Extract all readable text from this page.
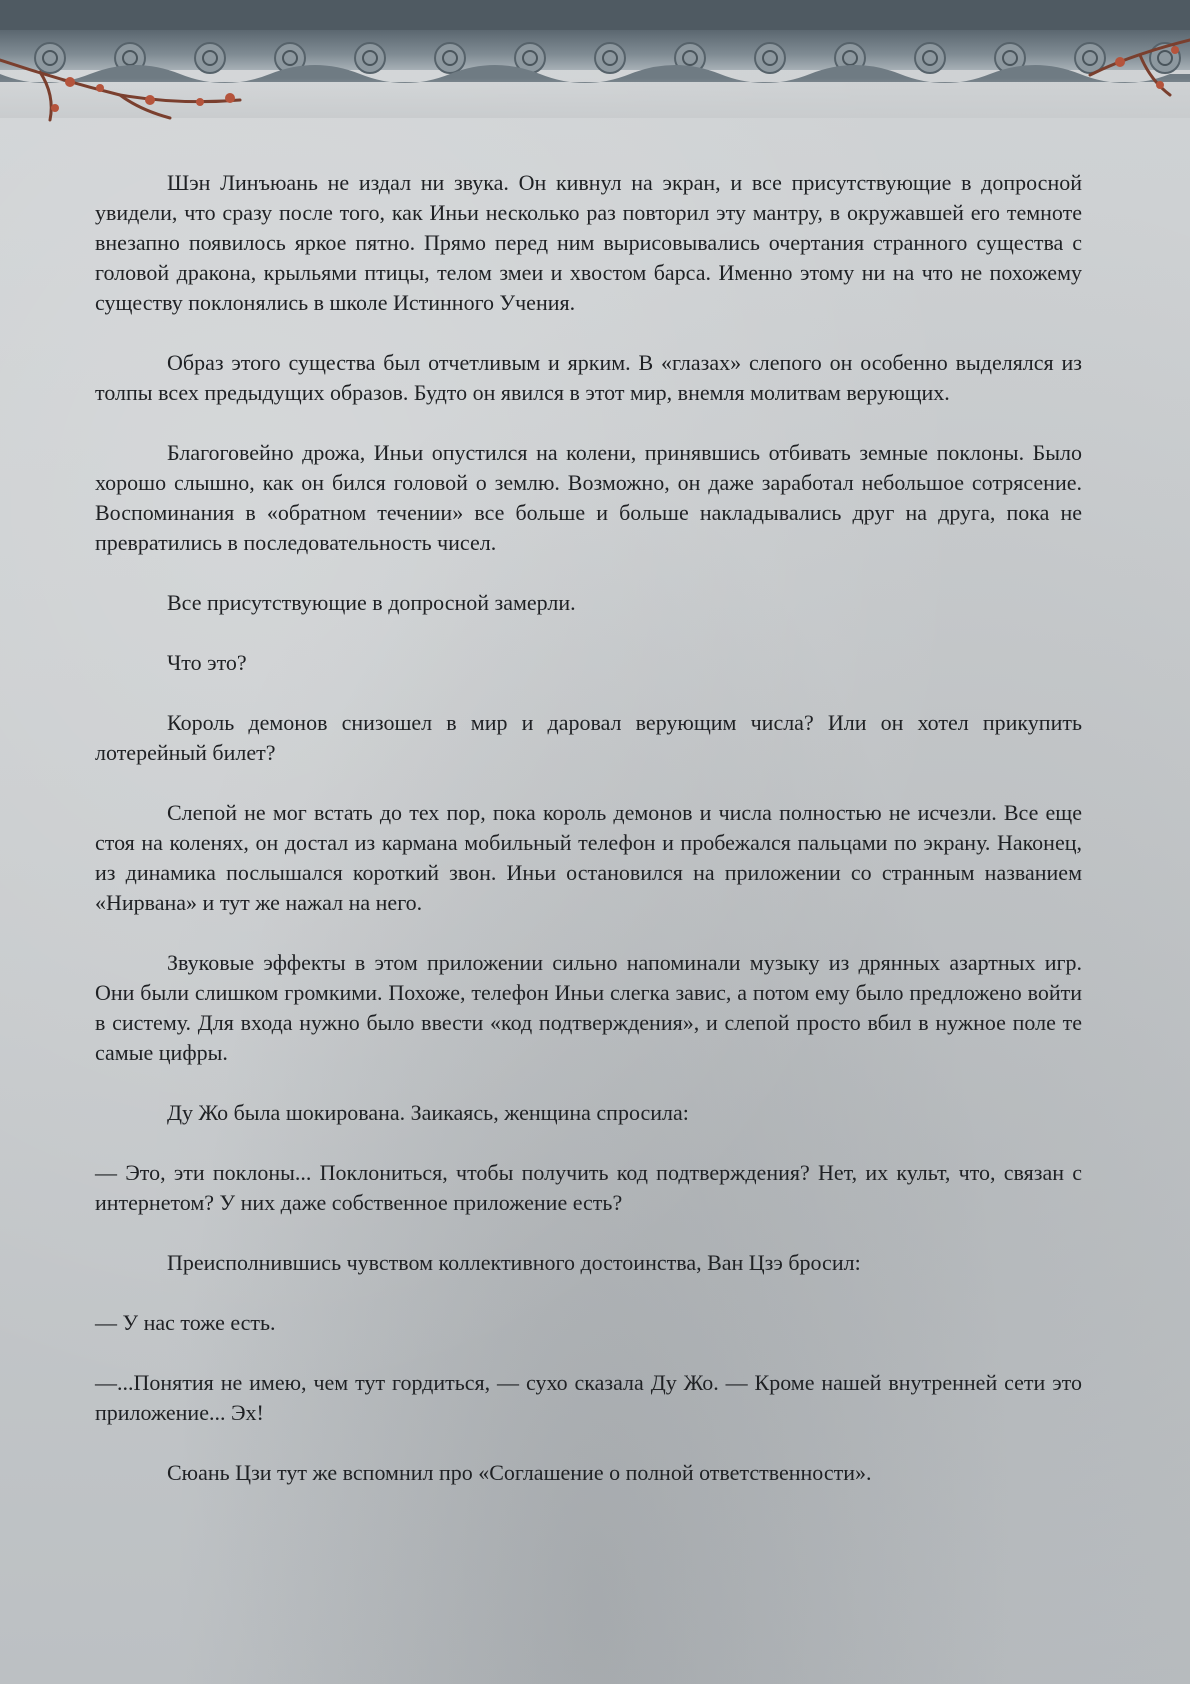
Шэн Линъюань не издал ни звука. Он кивнул на экран, и все присутствующие в допросной увидели, что сразу после того, как Иньи несколько раз повторил эту мантру, в окружавшей его темноте внезапно появилось яркое пятно. Прямо перед ним вырисовывались очертания странного существа с головой дракона, крыльями птицы, телом змеи и хвостом барса. Именно этому ни на что не похожему существу поклонялись в школе Истинного Учения.

Образ этого существа был отчетливым и ярким. В «глазах» слепого он особенно выделялся из толпы всех предыдущих образов. Будто он явился в этот мир, внемля молитвам верующих.

Благоговейно дрожа, Иньи опустился на колени, принявшись отбивать земные поклоны. Было хорошо слышно, как он бился головой о землю. Возможно, он даже заработал небольшое сотрясение. Воспоминания в «обратном течении» все больше и больше накладывались друг на друга, пока не превратились в последовательность чисел.

Все присутствующие в допросной замерли.

Что это?

Король демонов снизошел в мир и даровал верующим числа? Или он хотел прикупить лотерейный билет?

Слепой не мог встать до тех пор, пока король демонов и числа полностью не исчезли. Все еще стоя на коленях, он достал из кармана мобильный телефон и пробежался пальцами по экрану. Наконец, из динамика послышался короткий звон. Иньи остановился на приложении со странным названием «Нирвана» и тут же нажал на него.

Звуковые эффекты в этом приложении сильно напоминали музыку из дрянных азартных игр. Они были слишком громкими. Похоже, телефон Иньи слегка завис, а потом ему было предложено войти в систему. Для входа нужно было ввести «код подтверждения», и слепой просто вбил в нужное поле те самые цифры.

Ду Жо была шокирована. Заикаясь, женщина спросила:

— Это, эти поклоны... Поклониться, чтобы получить код подтверждения? Нет, их культ, что, связан с интернетом? У них даже собственное приложение есть?

Преисполнившись чувством коллективного достоинства, Ван Цзэ бросил:

— У нас тоже есть.

—...Понятия не имею, чем тут гордиться, — сухо сказала Ду Жо. — Кроме нашей внутренней сети это приложение... Эх!

Сюань Цзи тут же вспомнил про «Соглашение о полной ответственности».
